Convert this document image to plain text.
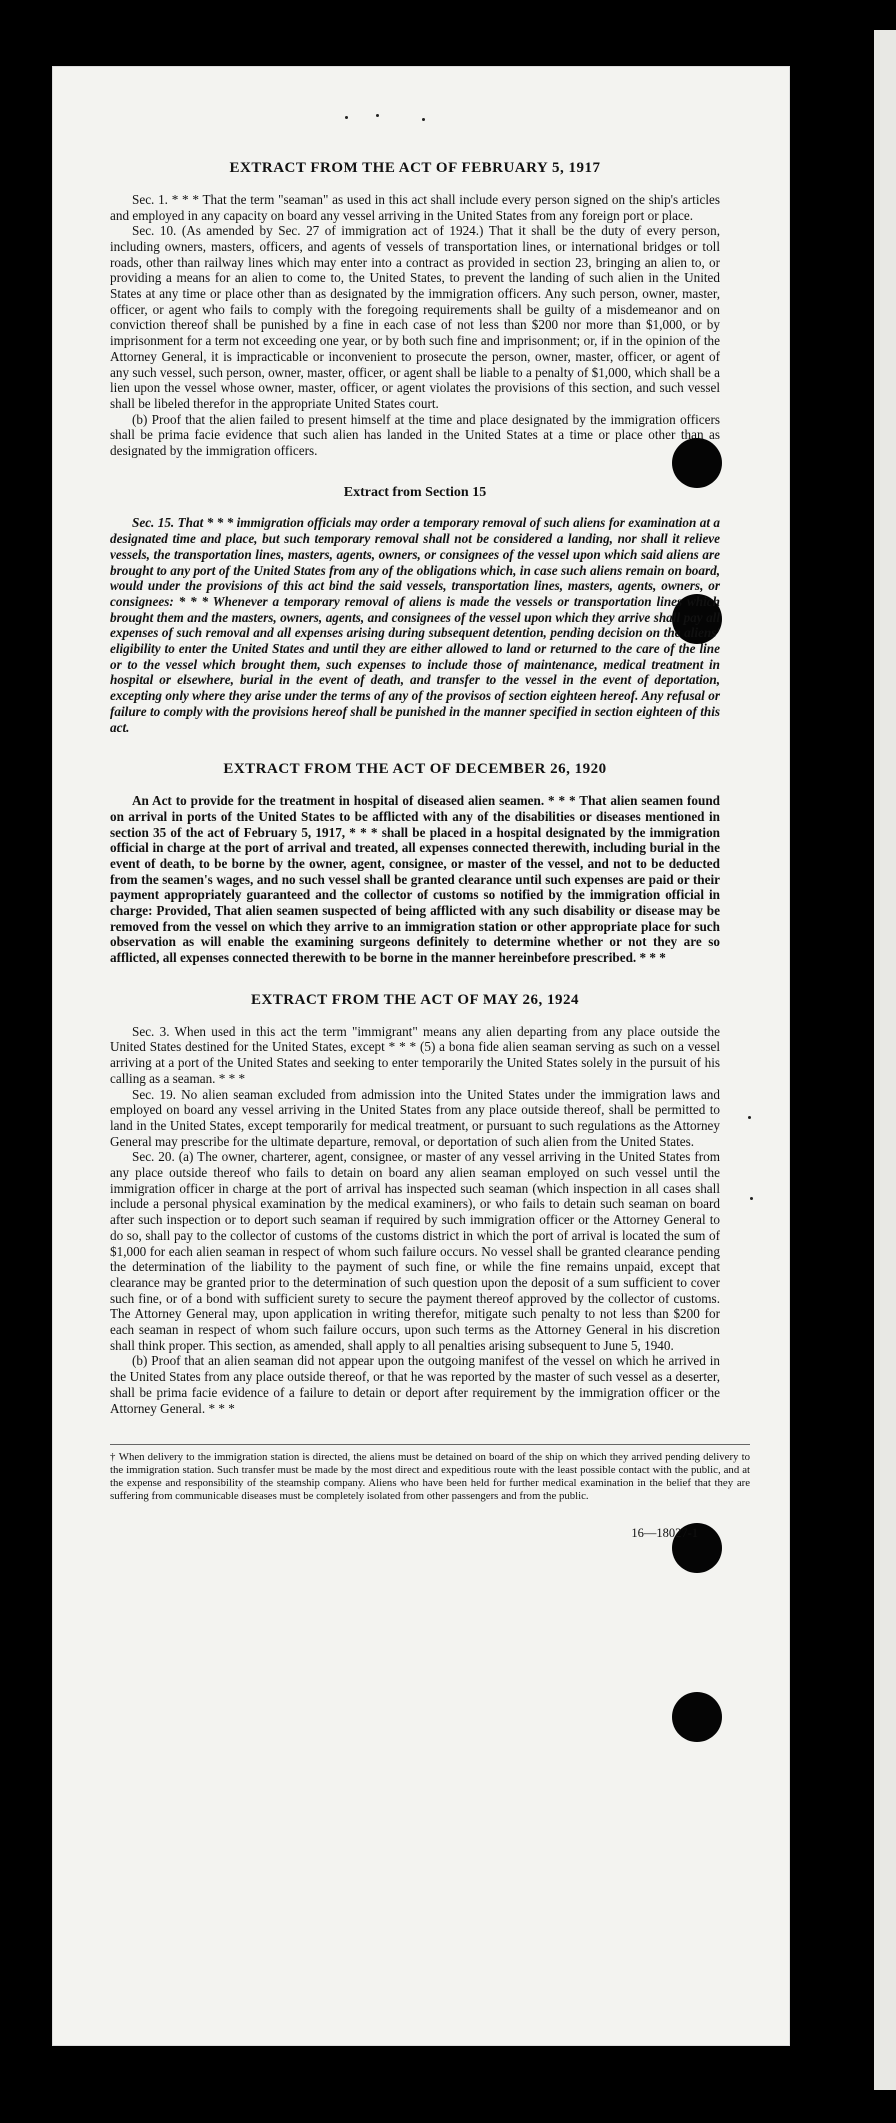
EXTRACT FROM THE ACT OF FEBRUARY 5, 1917

Sec. 1. * * * That the term "seaman" as used in this act shall include every person signed on the ship's articles and employed in any capacity on board any vessel arriving in the United States from any foreign port or place.

Sec. 10. (As amended by Sec. 27 of immigration act of 1924.) That it shall be the duty of every person, including owners, masters, officers, and agents of vessels of transportation lines, or international bridges or toll roads, other than railway lines which may enter into a contract as provided in section 23, bringing an alien to, or providing a means for an alien to come to, the United States, to prevent the landing of such alien in the United States at any time or place other than as designated by the immigration officers. Any such person, owner, master, officer, or agent who fails to comply with the foregoing requirements shall be guilty of a misdemeanor and on conviction thereof shall be punished by a fine in each case of not less than $200 nor more than $1,000, or by imprisonment for a term not exceeding one year, or by both such fine and imprisonment; or, if in the opinion of the Attorney General, it is impracticable or inconvenient to prosecute the person, owner, master, officer, or agent of any such vessel, such person, owner, master, officer, or agent shall be liable to a penalty of $1,000, which shall be a lien upon the vessel whose owner, master, officer, or agent violates the provisions of this section, and such vessel shall be libeled therefor in the appropriate United States court.

(b) Proof that the alien failed to present himself at the time and place designated by the immigration officers shall be prima facie evidence that such alien has landed in the United States at a time or place other than as designated by the immigration officers.

Extract from Section 15

Sec. 15. That * * * immigration officials may order a temporary removal of such aliens for examination at a designated time and place, but such temporary removal shall not be considered a landing, nor shall it relieve vessels, the transportation lines, masters, agents, owners, or consignees of the vessel upon which said aliens are brought to any port of the United States from any of the obligations which, in case such aliens remain on board, would under the provisions of this act bind the said vessels, transportation lines, masters, agents, owners, or consignees: * * * Whenever a temporary removal of aliens is made the vessels or transportation lines which brought them and the masters, owners, agents, and consignees of the vessel upon which they arrive shall pay all expenses of such removal and all expenses arising during subsequent detention, pending decision on the aliens' eligibility to enter the United States and until they are either allowed to land or returned to the care of the line or to the vessel which brought them, such expenses to include those of maintenance, medical treatment in hospital or elsewhere, burial in the event of death, and transfer to the vessel in the event of deportation, excepting only where they arise under the terms of any of the provisos of section eighteen hereof. Any refusal or failure to comply with the provisions hereof shall be punished in the manner specified in section eighteen of this act.

EXTRACT FROM THE ACT OF DECEMBER 26, 1920

An Act to provide for the treatment in hospital of diseased alien seamen. * * * That alien seamen found on arrival in ports of the United States to be afflicted with any of the disabilities or diseases mentioned in section 35 of the act of February 5, 1917, * * * shall be placed in a hospital designated by the immigration official in charge at the port of arrival and treated, all expenses connected therewith, including burial in the event of death, to be borne by the owner, agent, consignee, or master of the vessel, and not to be deducted from the seamen's wages, and no such vessel shall be granted clearance until such expenses are paid or their payment appropriately guaranteed and the collector of customs so notified by the immigration official in charge: Provided, That alien seamen suspected of being afflicted with any such disability or disease may be removed from the vessel on which they arrive to an immigration station or other appropriate place for such observation as will enable the examining surgeons definitely to determine whether or not they are so afflicted, all expenses connected therewith to be borne in the manner hereinbefore prescribed. * * *

EXTRACT FROM THE ACT OF MAY 26, 1924

Sec. 3. When used in this act the term "immigrant" means any alien departing from any place outside the United States destined for the United States, except * * * (5) a bona fide alien seaman serving as such on a vessel arriving at a port of the United States and seeking to enter temporarily the United States solely in the pursuit of his calling as a seaman. * * *

Sec. 19. No alien seaman excluded from admission into the United States under the immigration laws and employed on board any vessel arriving in the United States from any place outside thereof, shall be permitted to land in the United States, except temporarily for medical treatment, or pursuant to such regulations as the Attorney General may prescribe for the ultimate departure, removal, or deportation of such alien from the United States.

Sec. 20. (a) The owner, charterer, agent, consignee, or master of any vessel arriving in the United States from any place outside thereof who fails to detain on board any alien seaman employed on such vessel until the immigration officer in charge at the port of arrival has inspected such seaman (which inspection in all cases shall include a personal physical examination by the medical examiners), or who fails to detain such seaman on board after such inspection or to deport such seaman if required by such immigration officer or the Attorney General to do so, shall pay to the collector of customs of the customs district in which the port of arrival is located the sum of $1,000 for each alien seaman in respect of whom such failure occurs. No vessel shall be granted clearance pending the determination of the liability to the payment of such fine, or while the fine remains unpaid, except that clearance may be granted prior to the determination of such question upon the deposit of a sum sufficient to cover such fine, or of a bond with sufficient surety to secure the payment thereof approved by the collector of customs. The Attorney General may, upon application in writing therefor, mitigate such penalty to not less than $200 for each seaman in respect of whom such failure occurs, upon such terms as the Attorney General in his discretion shall think proper. This section, as amended, shall apply to all penalties arising subsequent to June 5, 1940.

(b) Proof that an alien seaman did not appear upon the outgoing manifest of the vessel on which he arrived in the United States from any place outside thereof, or that he was reported by the master of such vessel as a deserter, shall be prima facie evidence of a failure to detain or deport after requirement by the immigration officer or the Attorney General. * * *

† When delivery to the immigration station is directed, the aliens must be detained on board of the ship on which they arrived pending delivery to the immigration station. Such transfer must be made by the most direct and expeditious route with the least possible contact with the public, and at the expense and responsibility of the steamship company. Aliens who have been held for further medical examination in the belief that they are suffering from communicable diseases must be completely isolated from other passengers and from the public.
16—18027-1
